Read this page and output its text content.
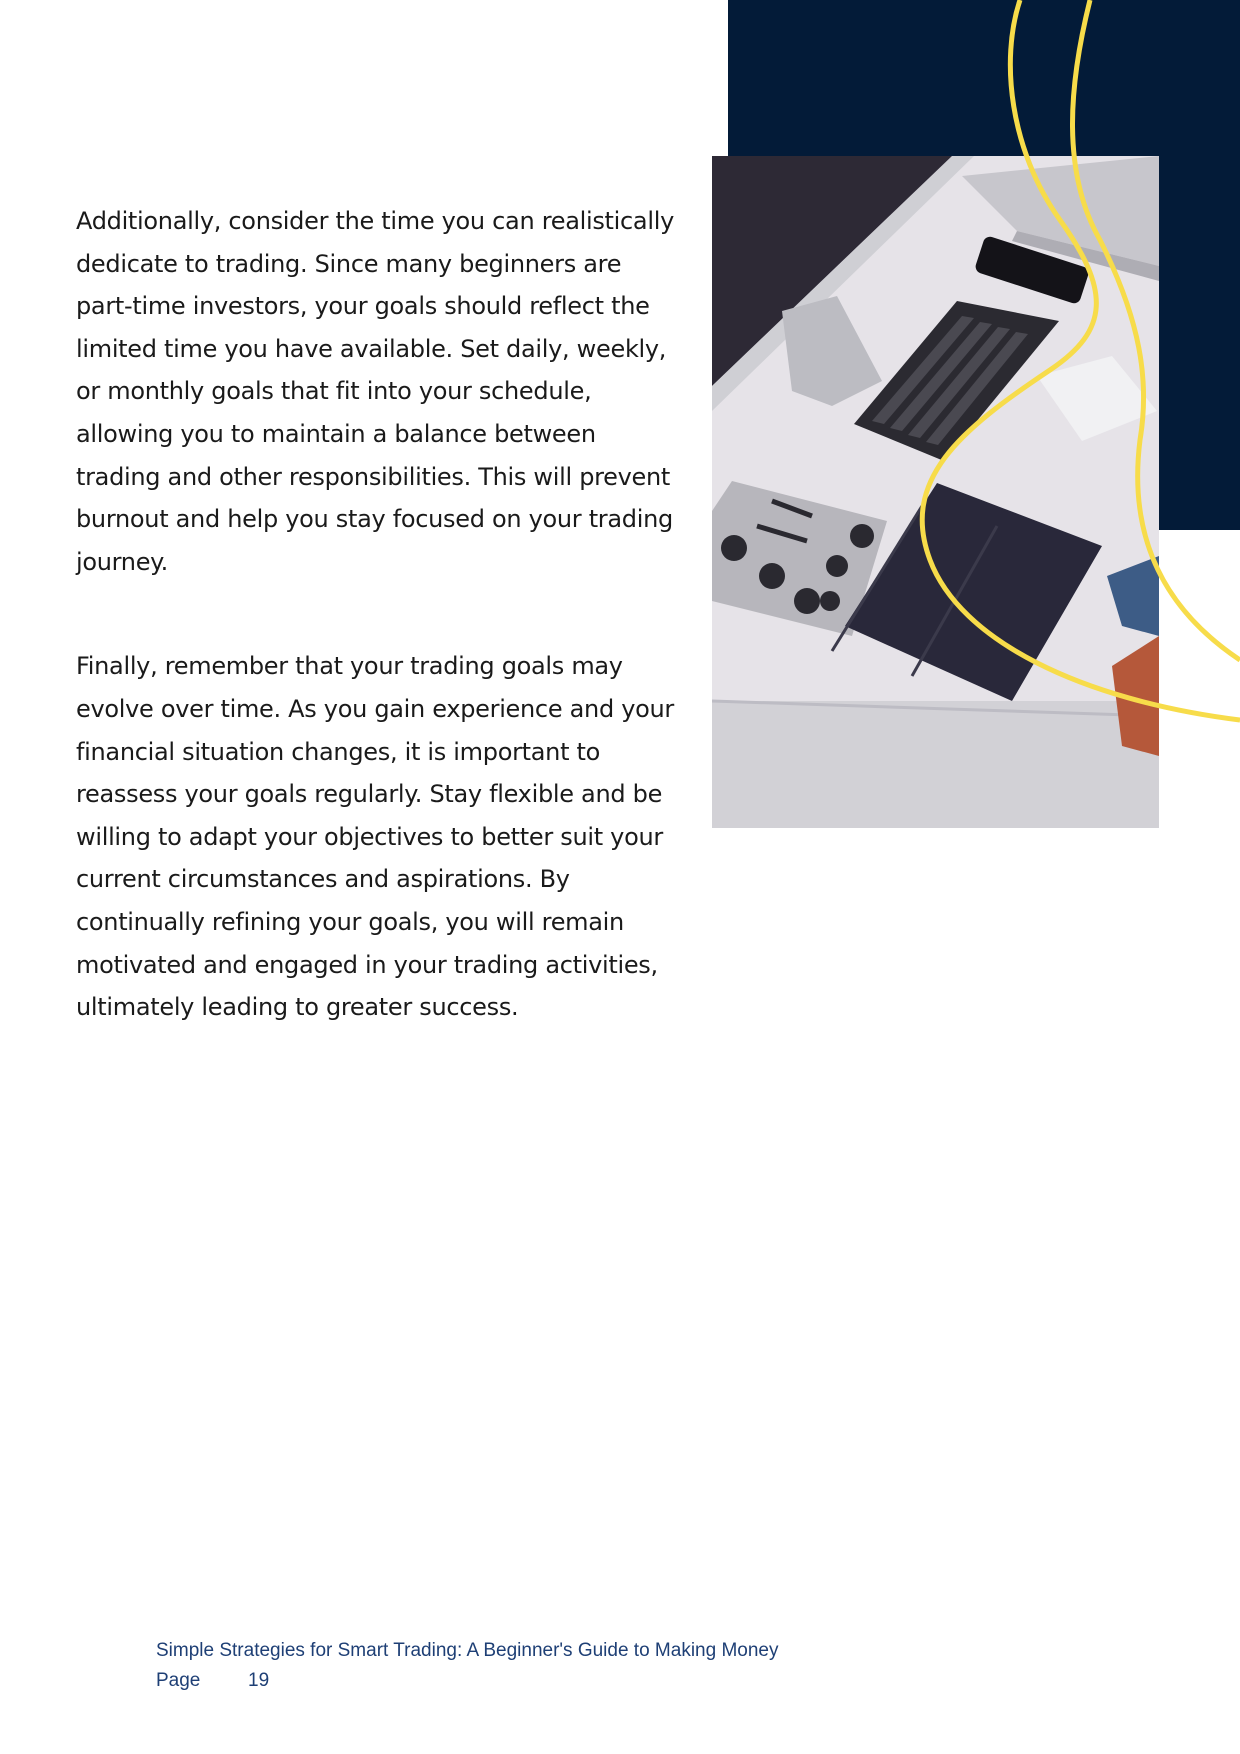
Additionally, consider the time you can realistically dedicate to trading. Since many beginners are part-time investors, your goals should reflect the limited time you have available. Set daily, weekly, or monthly goals that fit into your schedule, allowing you to maintain a balance between trading and other responsibilities. This will prevent burnout and help you stay focused on your trading journey.

Finally, remember that your trading goals may evolve over time. As you gain experience and your financial situation changes, it is important to reassess your goals regularly. Stay flexible and be willing to adapt your objectives to better suit your current circumstances and aspirations. By continually refining your goals, you will remain motivated and engaged in your trading activities, ultimately leading to greater success.

Simple Strategies for Smart Trading: A Beginner's Guide to Making Money
Page	19
